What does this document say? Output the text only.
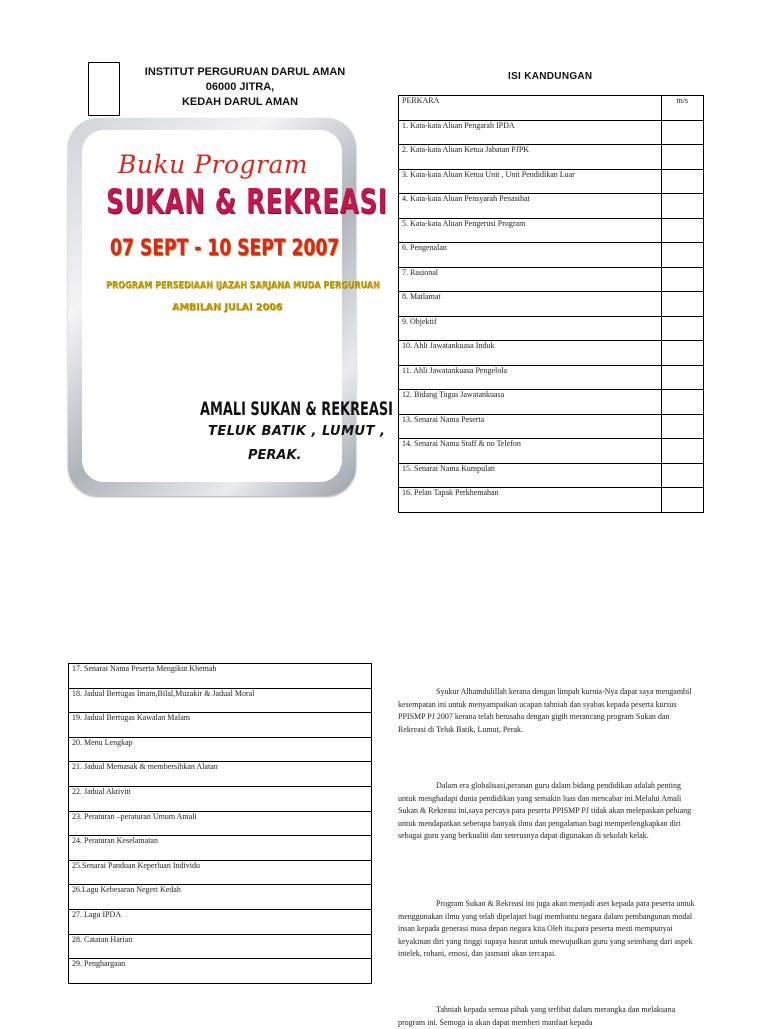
INSTITUT PERGURUAN DARUL AMAN
06000 JITRA,
KEDAH DARUL AMAN
Buku Program
SUKAN & REKREASI
07 SEPT - 10 SEPT 2007
PROGRAM PERSEDIAAN IJAZAH SARJANA MUDA PERGURUAN
AMBILAN JULAI 2006
AMALI SUKAN & REKREASI
TELUK BATIK , LUMUT ,
PERAK.
ISI KANDUNGAN
PERKARA	m/s
1. Kata-kata Aluan Pengarah IPDA	
2. Kata-kata Aluan Ketua Jabatan PJPK	
3. Kata-kata Aluan Ketua Unit , Unit Pendidikan Luar	
4. Kata-kata Aluan Pensyarah Penasihat	
5. Kata-kata Aluan Pengerusi Program	
6. Pengenalan	
7. Rasional	
8. Matlamat	
9. Objektif	
10. Ahli Jawatankuasa Induk	
11. Ahli Jawatankuasa Pengelola	
12. Bidang Tugas Jawatankuasa	
13. Senarai Nama Peserta	
14. Senarai Nama Staff & no Telefon	
15. Senarai Nama Kumpulan	
16. Pelan Tapak Perkhemahan	
17. Senarai Nama Peserta Mengikut Khemah
18. Jadual Bertugas Imam,Bilal,Muzakir & Jadual Moral
19. Jadual Bertugas Kawalan Malam
20. Menu Lengkap
21. Jadual Memasak & membersihkan Alatan
22. Jadual Aktiviti
23. Peraturan –peraturan Umum Amali
24. Peraturan Keselamatan
25.Senarai Panduan Keperluan Individu
26.Lagu Kebesaran Negeri Kedah
27. Lagu IPDA
28. Catatan Harian
29. Penghargaan
Syukur Alhamdulillah kerana dengan limpah kurnia-Nya dapat saya mengambil kesempatan ini untuk menyampaikan ucapan tahniah dan syabas kepada peserta kursus PPISMP PJ 2007 kerana telah berusaha dengan gigih merancang program Sukan dan Rekreasi di Teluk Batik, Lumut, Perak.
Dalam era globalisasi,peranan guru dalam bidang pendidikan adalah penting untuk menghadapi dunia pendidikan yang semakin luas dan mencabar ini.Melalui Amali Sukan & Rekreasi ini,saya percaya para peserta PPISMP PJ tidak akan melepaskan peluang untuk mendapatkan seberapa banyak ilmu dan pengalaman bagi memperlengkapkan diri sebagai guru yang berkualiti dan seterusnya dapat digunakan di sekolah kelak.
Program Sukan & Rekreasi ini juga akan menjadi aset kepada para peserta untuk menggunakan ilmu yang telah dipelajari bagi membantu negara dalam pembangunan modal insan kepada generasi masa depan negara kita.Oleh itu,para peserta mesti mempunyai keyakinan diri yang tinggi supaya hasrat untuk mewujudkan guru yang seimbang dari aspek intelek, rohani, emosi, dan jasmani akan tercapai.
Tahniah kepada semua pihak yang terlibat dalam merangka dan melaksana program ini. Semoga ia akan dapat memberi manfaat kepada
